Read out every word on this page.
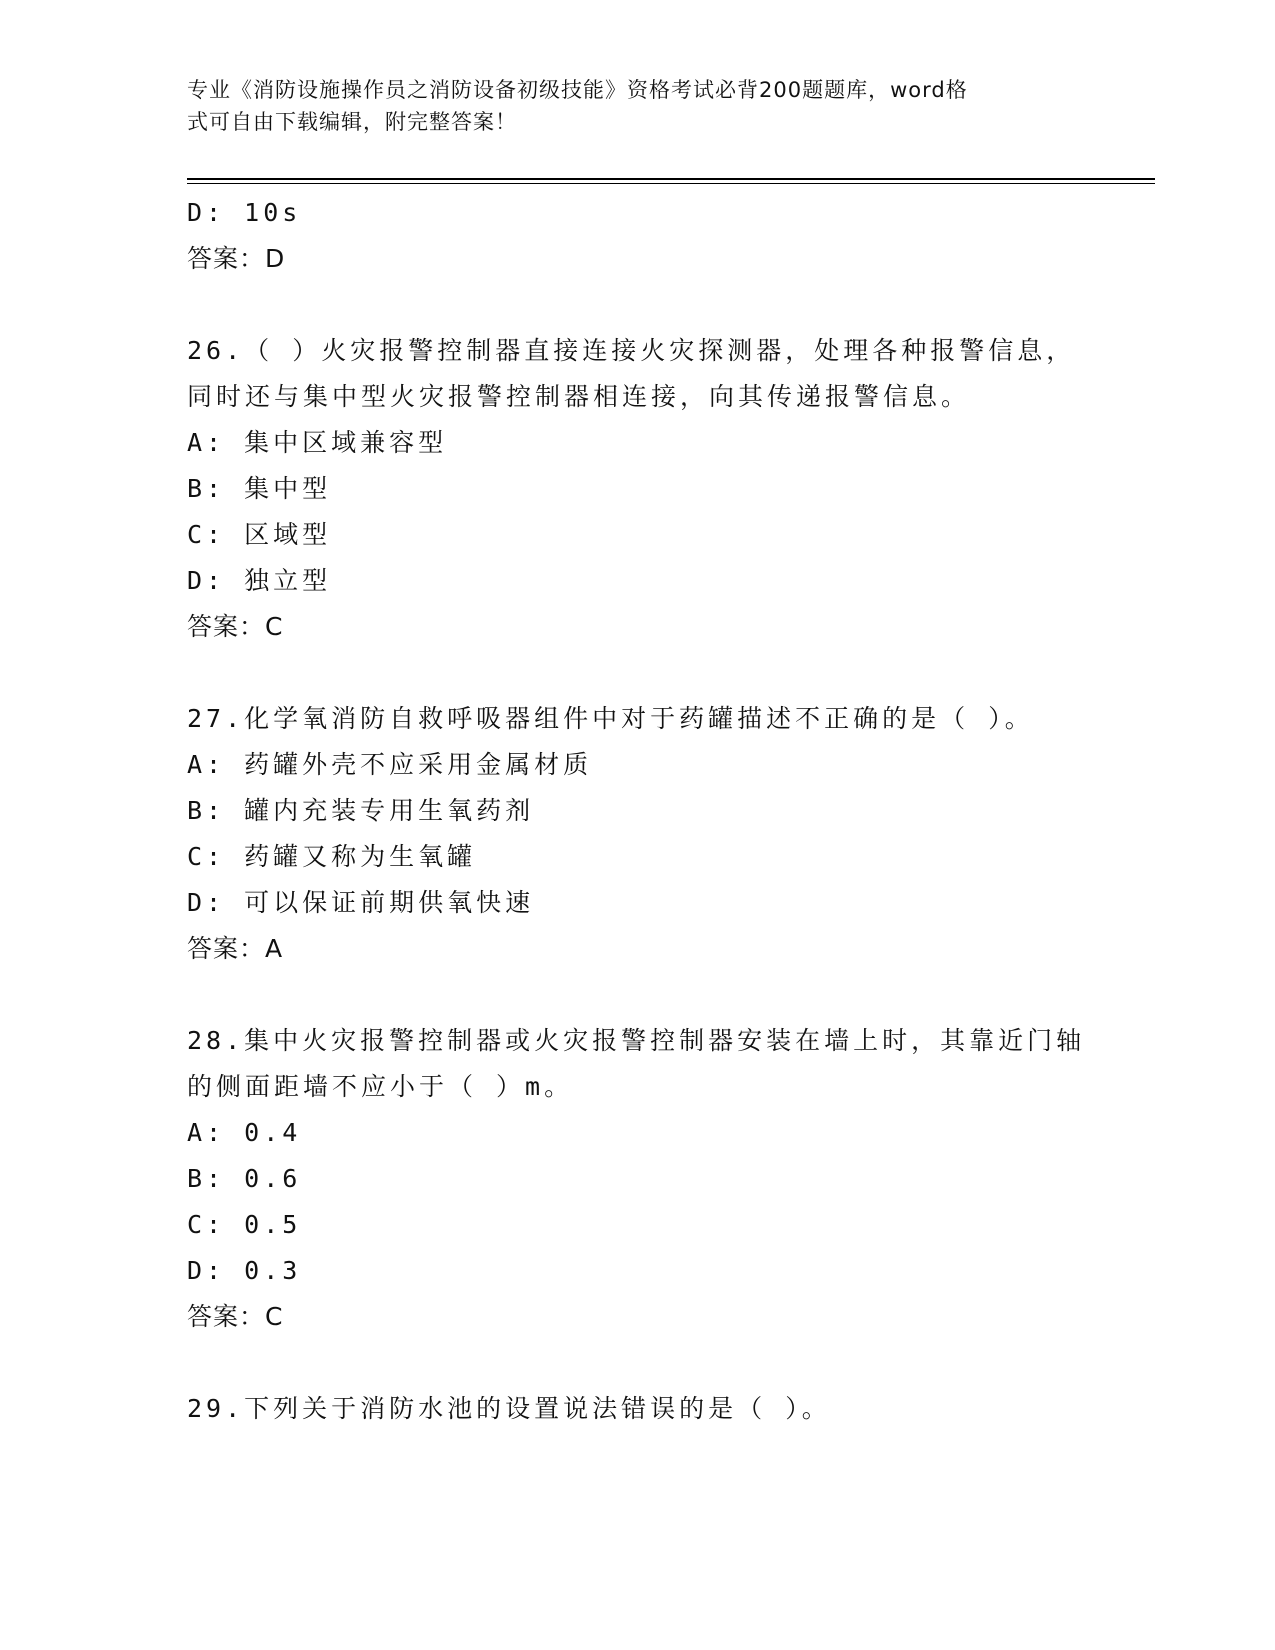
专业《消防设施操作员之消防设备初级技能》资格考试必背200题题库，word格
式可自由下载编辑，附完整答案！
D: 10s
答案：D
26.（ ）火灾报警控制器直接连接火灾探测器，处理各种报警信息，
同时还与集中型火灾报警控制器相连接，向其传递报警信息。
A: 集中区域兼容型
B: 集中型
C: 区域型
D: 独立型
答案：C
27.化学氧消防自救呼吸器组件中对于药罐描述不正确的是（ ）。
A: 药罐外壳不应采用金属材质
B: 罐内充装专用生氧药剂
C: 药罐又称为生氧罐
D: 可以保证前期供氧快速
答案：A
28.集中火灾报警控制器或火灾报警控制器安装在墙上时，其靠近门轴
的侧面距墙不应小于（ ）m。
A: 0.4
B: 0.6
C: 0.5
D: 0.3
答案：C
29.下列关于消防水池的设置说法错误的是（ ）。
